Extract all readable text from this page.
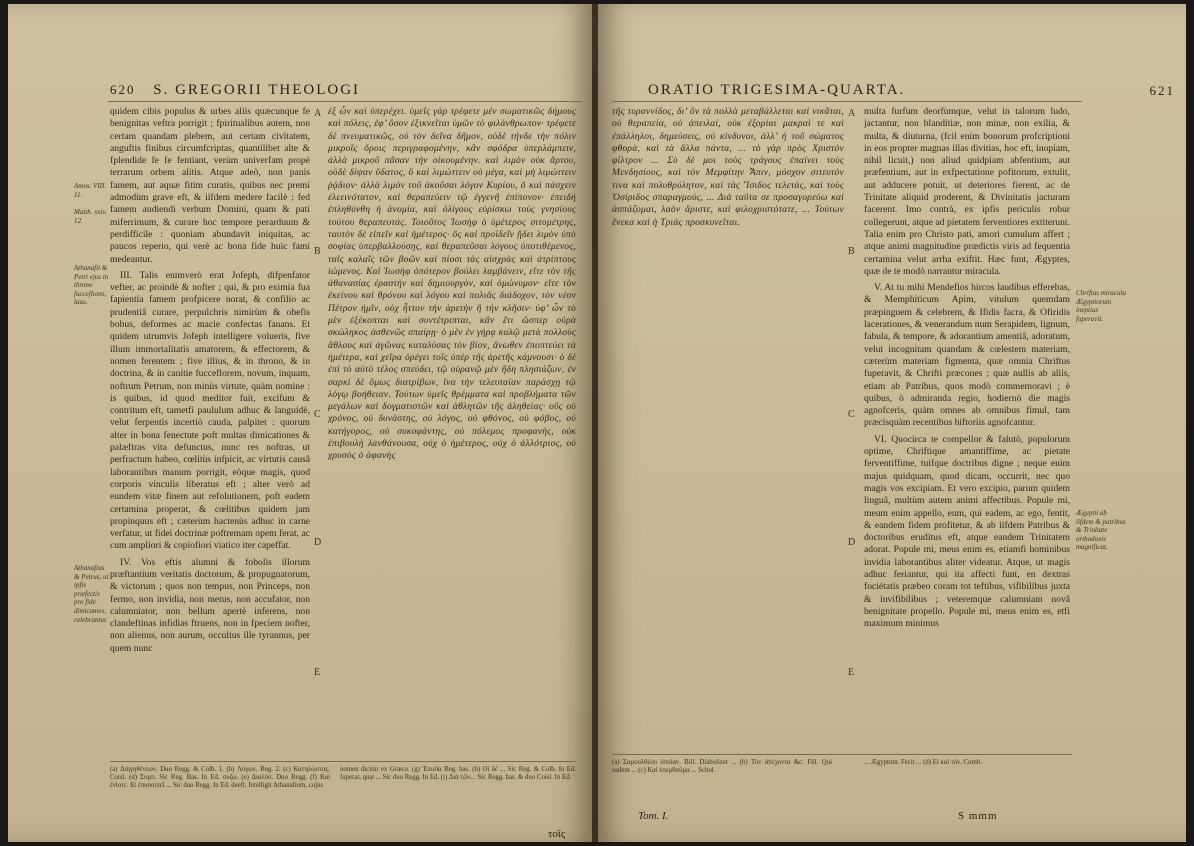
620 S. GREGORII THEOLOGI
Amos. VIII. 11.
Matth. xxiv. 12.
Athanafii & Petri ejus in throno fucceflions, laus.
Athanafius & Petrus, ut ipfis præfectis pro fide dimicantes, celebrantur.

quidem cibis populus & urbes aliis quæcunque fe benignitas veftra porrigit ; fpiritualibus autem, non certam quandam plebem, aut certam civitatem, anguftis finibus circumfcriptas, quantilibet alte & fplendide fe fe fentiant, verùm univerfam propè terrarum orbem alitis. Atque adeò, non panis famem, aut aquæ fitim curatis, quibus nec premi admodùm grave eft, & iifdem medere facilè ; fed famem audiendi verbum Domini, quam & pati miferrimum, & curare hoc tempore perarduum & perdifficile : quoniam abundavit iniquitas, ac paucos reperio, qui verè ac bona fide huic fami medeantur.

III. Talis enimverò erat Jofeph, difpenfator vefter, ac proindè & nofter ; qui, & pro eximia fua fapientia famem profpicere norat, & confilio ac prudentiâ curare, perpulchris nimirùm & obefis bobus, deformes ac macie confectas fanans. Et quidem utrumvis Jofeph intelligere volueris, five illum immortalitatis amatorem, & effectorem, & nomen ferentem ; five illius, & in throno, & in doctrina, & in canitie fucceflorem, novum, inquam, noftrum Petrum, non minùs virtute, quàm nomine : is quibus, id quod meditor fuit, excifum & contritum eft, tametfi paululum adhuc & languidè, velut ferpentis incertiò cauda, palpitet : quorum alter in bona fenectute poft multas dimicationes & palæftras vita defunctus, nunc res noftras, ut perfractum habeo, cœlitùs infpicit, ac virtutis causâ laborantibus manum porrigit, eòque magis, quod corporis vinculis liberatus eft ; alter verò ad eundem vitæ finem aut refolutionem, poft eadem certamina properat, & cœlitibus quidem jam propinquus eft ; cæterùm hactenùs adhuc in carne verfatur, ut fidei doctrinæ poftremam opem ferat, ac cum ampliori & copiofiori viatico iter capeffat.

IV. Vos eftis alumni & fobolis illorum præftantium veritatis doctorum, & propugnatorum, & victorum ; quos non tempus, non Princeps, non fermo, non invidia, non metus, non accufator, non calumniator, non bellum apertè inferens, non clandeftinas infidias ftruens, non in fpeciem nofter, non alienus, non aurum, occultus ille tyrannus, per quem nunc

A
B
C
D
E

ἐξ ὧν καὶ ὑπερέχει. ὑμεῖς γὰρ τρέφετε μὲν σωματικῶς δήμους καὶ πόλεις, ἐφ’ ὅσον ἐξικνεῖται ὑμῶν τὸ φιλάνθρωπον· τρέφετε δὲ πνευματικῶς, οὐ τὸν δεῖνα δῆμον, οὐδὲ τήνδε τὴν πόλιν μικροῖς ὅροις περιγραφομένην, κἂν σφόδρα ὑπερλάμπειν, ἀλλὰ μικροῦ πᾶσαν τὴν οἰκουμένην. καὶ λιμὸν οὐκ ἄρτου, οὐδὲ δίψαν ὕδατος, ὃ καὶ λιμώττειν οὐ μέγα, καὶ μὴ λιμώττειν ῥᾴδιον· ἀλλὰ λιμὸν τοῦ ἀκοῦσαι λόγον Κυρίου, ὃ καὶ πάσχειν ἐλεεινότατον, καὶ θεραπεύειν τῷ ἐγγενῆ ἐπίπονον· ἐπειδὴ ἐπληθύνθη ἡ ἀνομία, καὶ ὀλίγους εὑρίσκω τοὺς γνησίους τούτου θεραπευτάς. Τοιοῦτος Ἰωσὴφ ὁ ὑμέτερος σιτομέτρης, ταυτὸν δὲ εἰπεῖν καὶ ἡμέτερος· ὃς καὶ προϊδεῖν ᾔδει λιμὸν ὑπὸ σοφίας ὑπερβαλλούσης, καὶ θεραπεῦσαι λόγους ὑποτιθέμενος, ταῖς καλαῖς τῶν βοῶν καὶ πίοσι τὰς αἰσχρὰς καὶ ἀτρίπτους ἰώμενος. Καὶ Ἰωσὴφ ὁπότερον βούλει λαμβάνειν, εἴτε τὸν τῆς ἀθανασίας ἐραστὴν καὶ δημιουργὸν, καὶ ὁμώνυμον· εἴτε τὸν ἐκείνου καὶ θρόνου καὶ λόγου καὶ πολιᾶς διάδοχον, τὸν νέον Πέτρον ἡμῖν, οὐχ ἧττον τὴν ἀρετὴν ἢ τὴν κλῆσιν· ὑφ’ ὧν τὸ μὲν ἐξέκοπται καὶ συντέτριπται, κἂν ἔτι ὥσπερ οὐρὰ σκώληκος ἀσθενῶς σπαίρῃ· ὁ μὲν ἐν γήρᾳ καλῷ μετὰ πολλοὺς ἄθλους καὶ ἀγῶνας καταλύσας τὸν βίον, ἄνωθεν ἐποπτεύει τὰ ἡμέτερα, καὶ χεῖρα ὀρέγει τοῖς ὑπὲρ τῆς ἀρετῆς κάμνουσι· ὁ δὲ ἐπὶ τὸ αὐτὸ τέλος σπεύδει, τῷ οὐρανῷ μὲν ἤδη πλησιάζων, ἐν σαρκὶ δὲ ὅμως διατρίβων, ἵνα τὴν τελευταίαν παράσχῃ τῷ λόγῳ βοήθειαν. Τούτων ὑμεῖς θρέμματα καὶ προβλήματα τῶν μεγάλων καὶ δογματιστῶν καὶ ἀθλητῶν τῆς ἀληθείας· οὓς οὐ χρόνος, οὐ δυνάστης, οὐ λόγος, οὐ φθόνος, οὐ φόβος, οὐ κατήγορος, οὐ συκοφάντης, οὐ πόλεμος προφανὴς, οὐκ ἐπιβουλὴ λανθάνουσα, οὐχ ὁ ἡμέτερος, οὐχ ὁ ἀλλότριος, οὐ χρυσὸς ὁ ἀφανὴς

(a) Διηγηθέντων. Duo Regg. & Colb. 1. (b) Λόγων. Reg. 2. (c) Κατηλώστας. Coisl. (d) Συμπ. Sic Reg. Bas. In Ed. συζω. (e) Διαλύσ. Duo Regg. (f) Καὶ ἐνίοτε. Et ἐπισκοπεῖ ... Sic duo Regg. In Ed. deeft, Intelligit Athanafium, cujus
nomen dicitur ex Græco. (g) Ἐπισῖα Reg. bas. (h) Οἱ δὲ ... Sic Reg. & Colb. In Ed. fuperat, quæ ... Sic duo Regg. In Ed. (i) Διὰ τῶν... Sic Regg. bas. & duo Coisl. In Ed.
τοῖς
ORATIO TRIGESIMA-QUARTA.	621

τῆς τυραννίδος, δι’ ὃν τὰ πολλὰ μεταβάλλεται καὶ νικᾶται, οὐ θεραπεία, οὐ ἀπειλαί, οὐκ ἐξορίαι μακραὶ τε καὶ ἐπάλληλοι, δημεύσεις, οὐ κίνδυνοι, ἀλλ’ ἡ τοῦ σώματος φθορὰ, καὶ τὰ ἄλλα πάντα, ... τὸ γὰρ πρὸς Χριστὸν φίλτρον ... Σὺ δέ μοι τοὺς τράγους ἐπαίνει τοὺς Μενδησίους, καὶ τὸν Μεμφίτην Ἆπιν, μόσχον σιτευτὸν τινα καὶ πολυθρύλητον, καὶ τὰς Ἴσιδος τελετὰς, καὶ τοὺς Ὀσίριδος σπαραγμούς, ... Διὰ ταῦτα σε προσαγορεύω καὶ ἀσπάζομαι, λαὸν ἄριστε, καὶ φιλοχριστότατε, ... Τούτων ἕνεκα καὶ ἡ Τριὰς προσκυνεῖται.

A
B
C
D
E

multa furfum deorfùmque, velut in talorum ludo, jactantur, non blanditiæ, non minæ, non exilia, & multa, & diuturna, (fcil enim bonorum profcriptioni in eos propter magnas illas divitias, hoc eft, inopiam, nihil licuit,) non aliud quidpiam abfentium, aut præfentium, aut in exfpectatione pofitorum, extulit, aut adducere potuit, ut deteriores fierent, ac de Trinitate aliquid proderent, & Divinitatis jacturam facerent. Imo contrà, ex ipfis periculis robur collegerunt, atque ad pietatem ferventiores extiterunt. Talia enim pro Christo pati, amori cumulum affert ; atque animi magnitudine prædictis viris ad fequentia certamina velut arrha exiftit. Hæc funt, Ægyptes, quæ de te modò narrantur miracula.

V. At tu mihi Mendefios hircos laudibus efferebas, & Memphiticum Apim, vitulum quemdam præpinguem & celebrem, & Ifidis facra, & Ofiridis lacerationes, & venerandum num Serapidem, lignum, fabula, & tempore, & adorantium amentiâ, adoratum, velut incognitam quandam & cœlestem materiam, cæterùm materiam figmenta, quæ omnia Chriftus fuperavit, & Chrifti præcones ; quæ nullis ab aliis, etiam ab Patribus, quos modò commemoravi ; è quibus, ò admiranda regio, hodiernò die magis agnofceris, quàm omnes ab omnibus fimul, tam præcisquàm recentibus hiftoriis agnofcantur.

VI. Quocirca te compellor & falutò, populorum optime, Chriftique amantiffime, ac pietate ferventiffime, tuifque doctribus digne ; neque enim majus quidquam, quod dicam, occurrit, nec quo magis vos excipiam. Et vero excipio, parum quidem linguâ, multùm autem animi affectibus. Popule mi, meum enim appello, eum, qui eadem, ac ego, fentit, & eandem fidem profitetur, & ab iifdem Patribus & doctoribus eruditus eft, atque eandem Trinitatem adorat. Popule mi, meus enim es, etiamfi hominibus invidia laborantibus aliter videatur. Atque, ut magis adhuc feriantur, qui ita affecti funt, en dextras fociétatis præbeo coram tot teftibus, vifibilibus juxta & invifibilibus ; veteremque calumniam novâ benignitate propello. Popule mi, meus enim es, etfi maximum minimus

Chriftus miracula Ægyptiorum ineptias fuperavit.
Ægyptii ab iifdem & patribus & Trinitate orthodoxis magnificat.
(a) Σαμουλθέου ὑποίαν. Bill. Diabolizet ... (b) Τὸν ἀπέχοντα &c. Fill. Qui eadem ... (c) Καὶ ὑπερθαύμα ... Schol.
... Ægyptum. Fecit ... (d) Ei καὶ τὸν. Comb.
Tom. I.	S mmm
